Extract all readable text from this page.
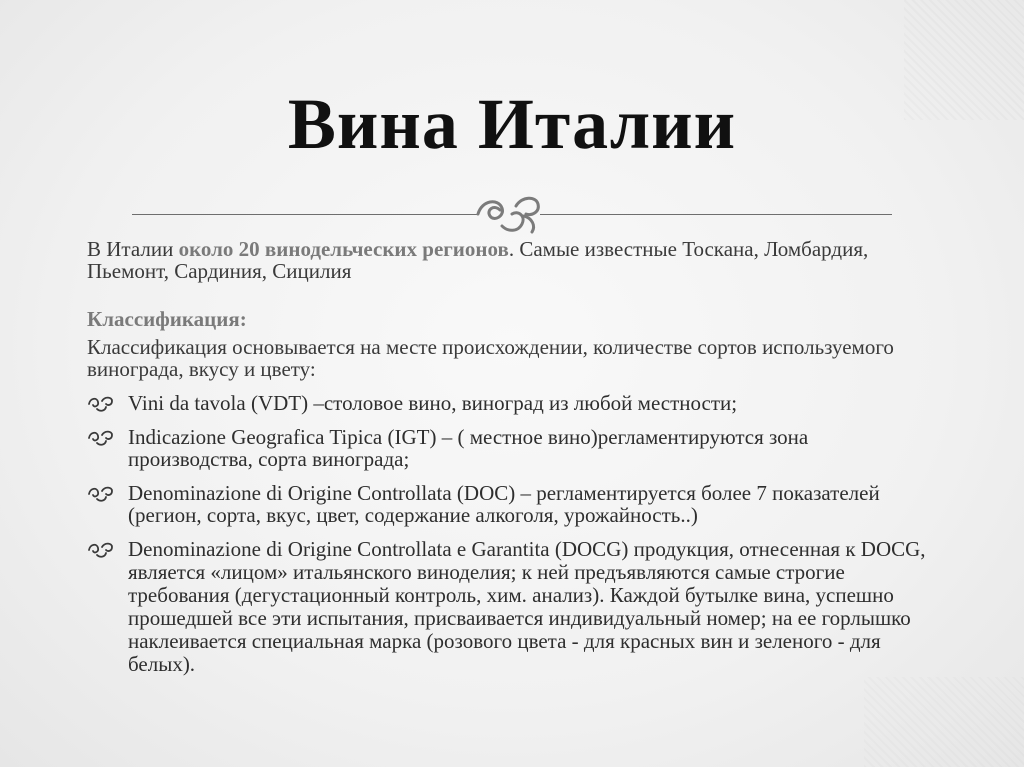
Вина Италии

В Италии около 20 винодельческих регионов. Самые известные Тоскана, Ломбардия, Пьемонт, Сардиния, Сицилия

Классификация:
Классификация основывается на месте происхождении, количестве сортов используемого винограда, вкусу и цвету:
Vini da tavola (VDT) –столовое вино, виноград из любой местности;
Indicazione Geografica Tipica (IGT) – ( местное вино)регламентируются зона производства, сорта винограда;
Denominazione di Origine Controllata (DOC) – регламентируется более 7 показателей (регион, сорта, вкус, цвет, содержание алкоголя, урожайность..)
Denominazione di Origine Controllata e Garantita (DOCG) продукция, отнесенная к DOCG, является «лицом» итальянского виноделия; к ней предъявляются самые строгие требования (дегустационный контроль, хим. анализ). Каждой бутылке вина, успешно прошедшей все эти испытания, присваивается индивидуальный номер; на ее горлышко наклеивается специальная марка (розового цвета - для красных вин и зеленого - для белых).
